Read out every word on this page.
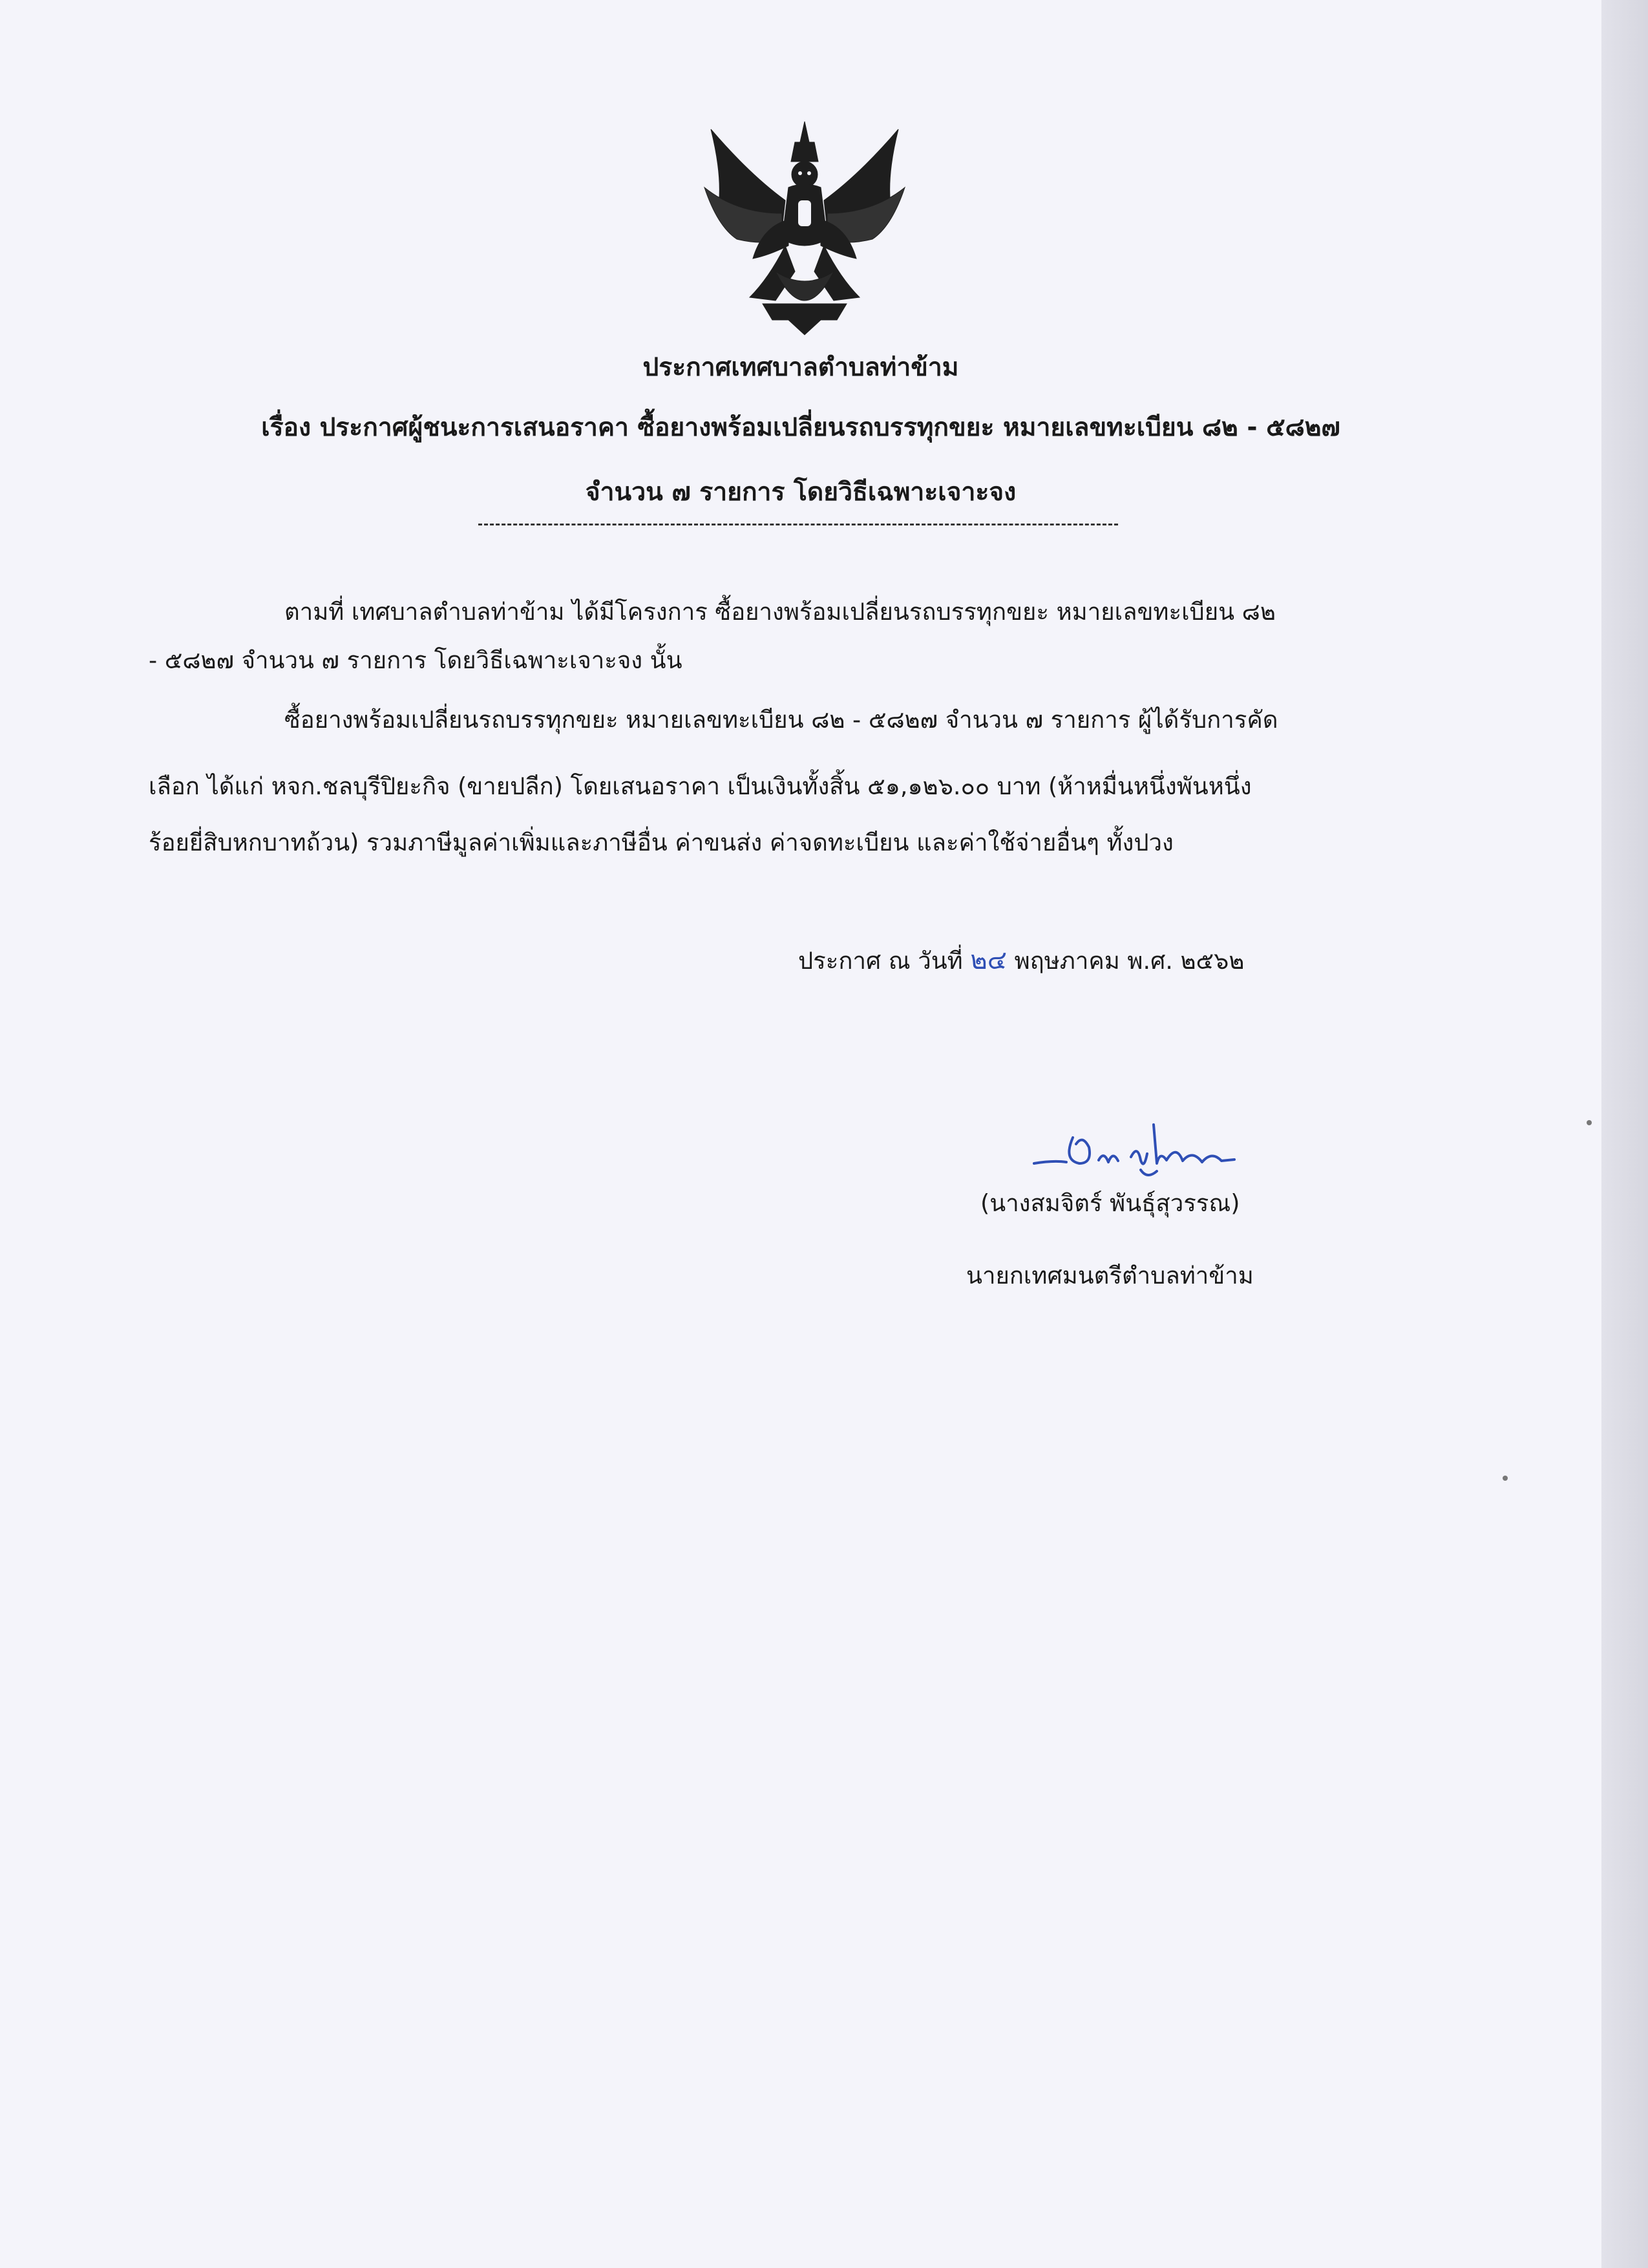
ประกาศเทศบาลตำบลท่าข้าม
เรื่อง ประกาศผู้ชนะการเสนอราคา ซื้อยางพร้อมเปลี่ยนรถบรรทุกขยะ หมายเลขทะเบียน ๘๒ - ๕๘๒๗
จำนวน ๗ รายการ โดยวิธีเฉพาะเจาะจง
ตามที่ เทศบาลตำบลท่าข้าม ได้มีโครงการ ซื้อยางพร้อมเปลี่ยนรถบรรทุกขยะ หมายเลขทะเบียน ๘๒
- ๕๘๒๗ จำนวน ๗ รายการ โดยวิธีเฉพาะเจาะจง นั้น
ซื้อยางพร้อมเปลี่ยนรถบรรทุกขยะ หมายเลขทะเบียน ๘๒ - ๕๘๒๗ จำนวน ๗ รายการ ผู้ได้รับการคัด
เลือก ได้แก่ หจก.ชลบุรีปิยะกิจ (ขายปลีก) โดยเสนอราคา เป็นเงินทั้งสิ้น ๕๑,๑๒๖.๐๐ บาท (ห้าหมื่นหนึ่งพันหนึ่ง
ร้อยยี่สิบหกบาทถ้วน) รวมภาษีมูลค่าเพิ่มและภาษีอื่น ค่าขนส่ง ค่าจดทะเบียน และค่าใช้จ่ายอื่นๆ ทั้งปวง
ประกาศ ณ วันที่ ๒๔ พฤษภาคม พ.ศ. ๒๕๖๒
(นางสมจิตร์ พันธุ์สุวรรณ)
นายกเทศมนตรีตำบลท่าข้าม
